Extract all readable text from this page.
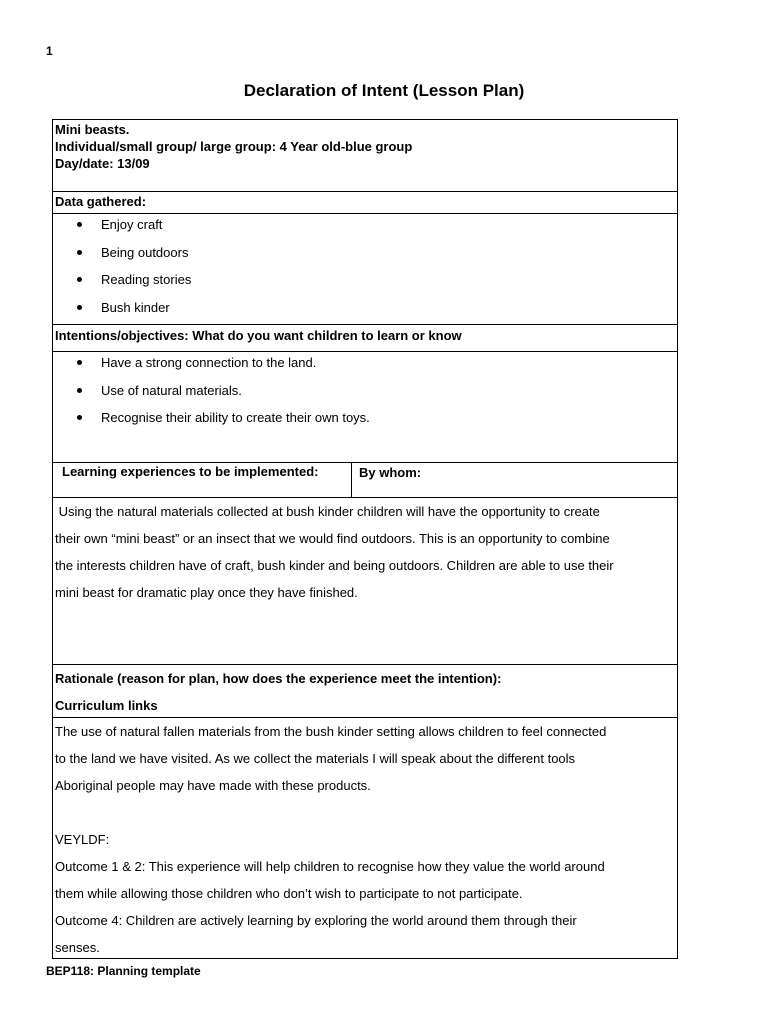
1
Declaration of Intent (Lesson Plan)
Mini beasts.
Individual/small group/ large group: 4 Year old-blue group
Day/date: 13/09
Data gathered:
Enjoy craft
Being outdoors
Reading stories
Bush kinder
Intentions/objectives: What do you want children to learn or know
Have a strong connection to the land.
Use of natural materials.
Recognise their ability to create their own toys.
Learning experiences to be implemented:	By whom:
Using the natural materials collected at bush kinder children will have the opportunity to create
their own “mini beast” or an insect that we would find outdoors. This is an opportunity to combine
the interests children have of craft, bush kinder and being outdoors. Children are able to use their
mini beast for dramatic play once they have finished.
Rationale (reason for plan, how does the experience meet the intention):
Curriculum links
The use of natural fallen materials from the bush kinder setting allows children to feel connected
to the land we have visited. As we collect the materials I will speak about the different tools
Aboriginal people may have made with these products.
VEYLDF:
Outcome 1 & 2: This experience will help children to recognise how they value the world around
them while allowing those children who don’t wish to participate to not participate.
Outcome 4: Children are actively learning by exploring the world around them through their
senses.
BEP118: Planning template
